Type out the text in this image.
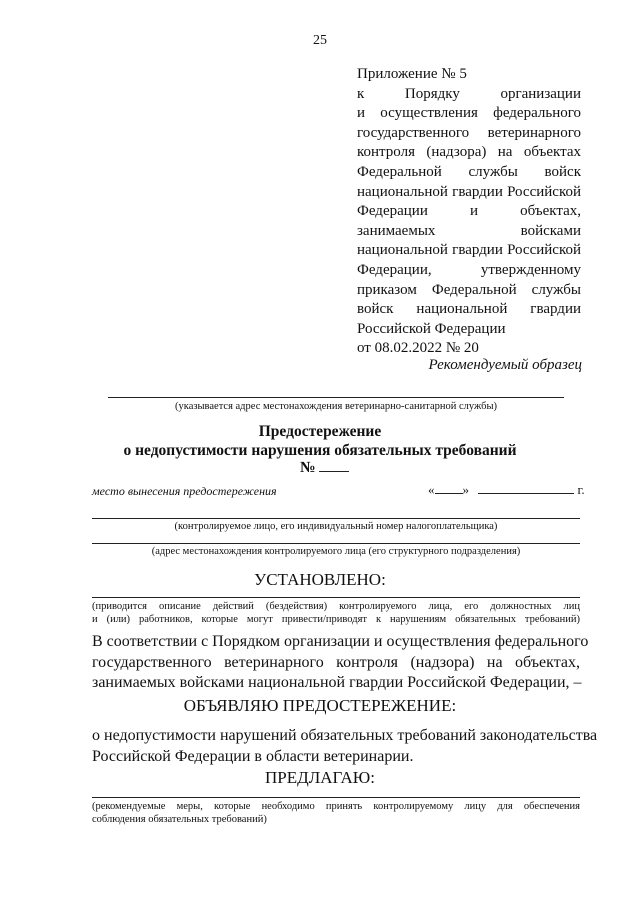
25
Приложение № 5
к Порядку организации
и осуществления федерального
государственного ветеринарного
контроля (надзора) на объектах
Федеральной службы войск
национальной гвардии Российской
Федерации и объектах,
занимаемых войсками
национальной гвардии Российской
Федерации, утвержденному
приказом Федеральной службы
войск национальной гвардии
Российской Федерации
от 08.02.2022 № 20
Рекомендуемый образец
(указывается адрес местонахождения ветеринарно-санитарной службы)
Предостережение
о недопустимости нарушения обязательных требований
№
место вынесения предостережения	« »	г.
(контролируемое лицо, его индивидуальный номер налогоплательщика)
(адрес местонахождения контролируемого лица (его структурного подразделения)
УСТАНОВЛЕНО:
(приводится описание действий (бездействия) контролируемого лица, его должностных лиц
и (или) работников, которые могут привести/приводят к нарушениям обязательных требований)
В соответствии с Порядком организации и осуществления федерального
государственного ветеринарного контроля (надзора) на объектах,
занимаемых войсками национальной гвардии Российской Федерации, –
ОБЪЯВЛЯЮ ПРЕДОСТЕРЕЖЕНИЕ:
о недопустимости нарушений обязательных требований законодательства
Российской Федерации в области ветеринарии.
ПРЕДЛАГАЮ:
(рекомендуемые меры, которые необходимо принять контролируемому лицу для обеспечения
соблюдения обязательных требований)
